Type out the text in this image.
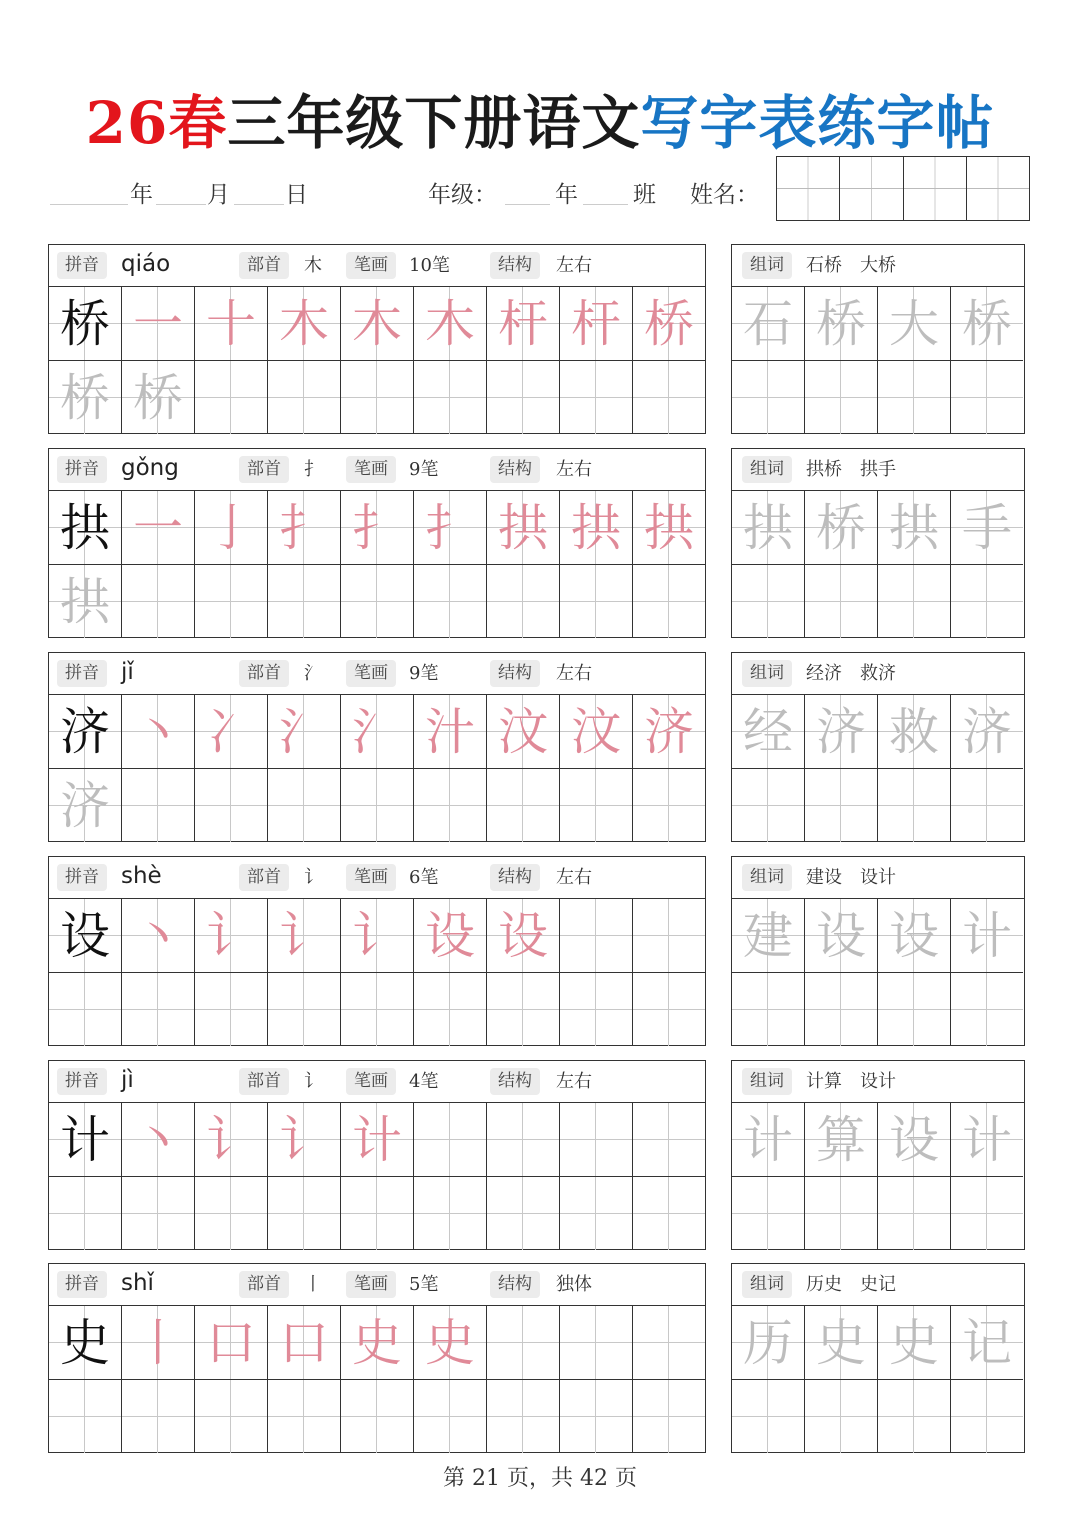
26春三年级下册语文写字表练字帖
年 月 日	年级：	年 班 姓名：
拼音 qiáo	部首	木	笔画	10笔	结构	左右
桥 一 十 木 木 木 杆 杆 桥
桥 桥
组词	石桥　大桥
石 桥 大 桥
拼音 gǒng	部首	扌	笔画	9笔	结构	左右
拱 一 亅 扌 扌 扌 拱 拱 拱
拱
组词	拱桥　拱手
拱 桥 拱 手
拼音 jǐ	部首	氵	笔画	9笔	结构	左右
济 丶 冫 氵 氵 汁 汶 汶 济
济
组词	经济　救济
经 济 救 济
拼音 shè	部首	讠	笔画	6笔	结构	左右
设 丶 讠 讠 讠 设 设
组词	建设　设计
建 设 设 计
拼音 jì	部首	讠	笔画	4笔	结构	左右
计 丶 讠 讠 计
组词	计算　设计
计 算 设 计
拼音 shǐ	部首	丨	笔画	5笔	结构	独体
史 丨 口 口 史 史
组词	历史　史记
历 史 史 记
第 21 页，共 42 页
